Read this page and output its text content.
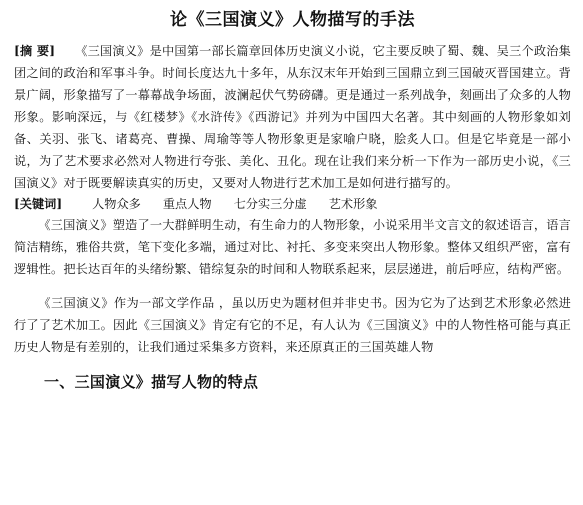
论《三国演义》人物描写的手法

[摘 要] 《三国演义》是中国第一部长篇章回体历史演义小说，它主要反映了蜀、魏、吴三个政治集团之间的政治和军事斗争。时间长度达九十多年，从东汉末年开始到三国鼎立到三国破灭晋国建立。背景广阔，形象描写了一幕幕战争场面，波澜起伏气势磅礴。更是通过一系列战争，刻画出了众多的人物形象。影响深远，与《红楼梦》《水浒传》《西游记》并列为中国四大名著。其中刻画的人物形象如刘备、关羽、张飞、诸葛亮、曹操、周瑜等等人物形象更是家喻户晓，脍炙人口。但是它毕竟是一部小说，为了艺术要求必然对人物进行夸张、美化、丑化。现在让我们来分析一下作为一部历史小说，《三国演义》对于既要解读真实的历史，又要对人物进行艺术加工是如何进行描写的。

[关键词] 人物众多 重点人物 七分实三分虚 艺术形象

《三国演义》塑造了一大群鲜明生动，有生命力的人物形象，小说采用半文言文的叙述语言，语言简洁精练，雅俗共赏，笔下变化多端，通过对比、衬托、多变来突出人物形象。整体又组织严密，富有逻辑性。把长达百年的头绪纷繁、错综复杂的时间和人物联系起来，层层递进，前后呼应，结构严密。

《三国演义》作为一部文学作品 ，虽以历史为题材但并非史书。因为它为了达到艺术形象必然进行了了艺术加工。因此《三国演义》肯定有它的不足，有人认为《三国演义》中的人物性格可能与真正历史人物是有差别的，让我们通过采集多方资料，来还原真正的三国英雄人物

一、三国演义》描写人物的特点
